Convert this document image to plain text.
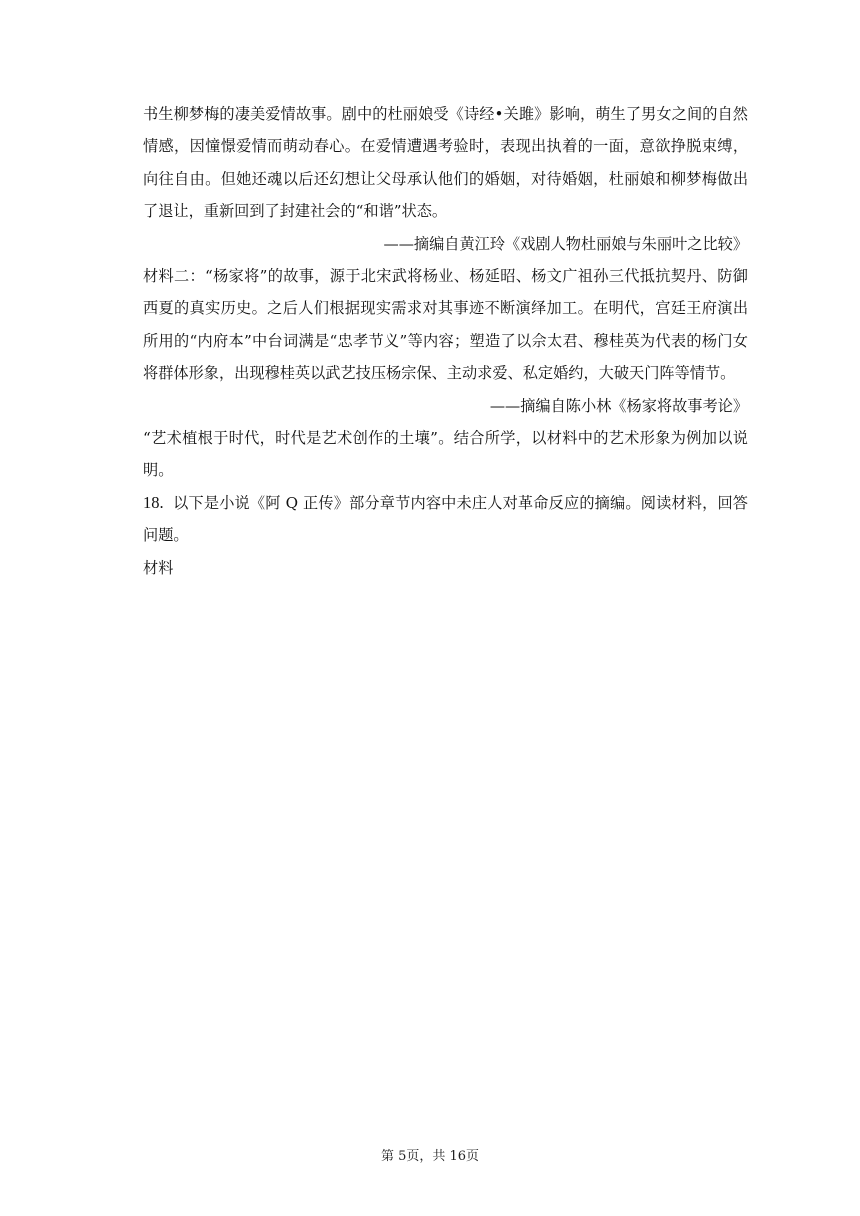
书生柳梦梅的凄美爱情故事。剧中的杜丽娘受《诗经•关雎》影响，萌生了男女之间的自然情感，因憧憬爱情而萌动春心。在爱情遭遇考验时，表现出执着的一面，意欲挣脱束缚，向往自由。但她还魂以后还幻想让父母承认他们的婚姻，对待婚姻，杜丽娘和柳梦梅做出了退让，重新回到了封建社会的“和谐”状态。

——摘编自黄江玲《戏剧人物杜丽娘与朱丽叶之比较》

材料二：“杨家将”的故事，源于北宋武将杨业、杨延昭、杨文广祖孙三代抵抗契丹、防御西夏的真实历史。之后人们根据现实需求对其事迹不断演绎加工。在明代，宫廷王府演出所用的“内府本”中台词满是“忠孝节义”等内容；塑造了以佘太君、穆桂英为代表的杨门女将群体形象，出现穆桂英以武艺技压杨宗保、主动求爱、私定婚约，大破天门阵等情节。

——摘编自陈小林《杨家将故事考论》

“艺术植根于时代，时代是艺术创作的土壤”。结合所学，以材料中的艺术形象为例加以说明。

18. 以下是小说《阿 Q 正传》部分章节内容中未庄人对革命反应的摘编。阅读材料，回答问题。

材料

第 5页，共 16页
